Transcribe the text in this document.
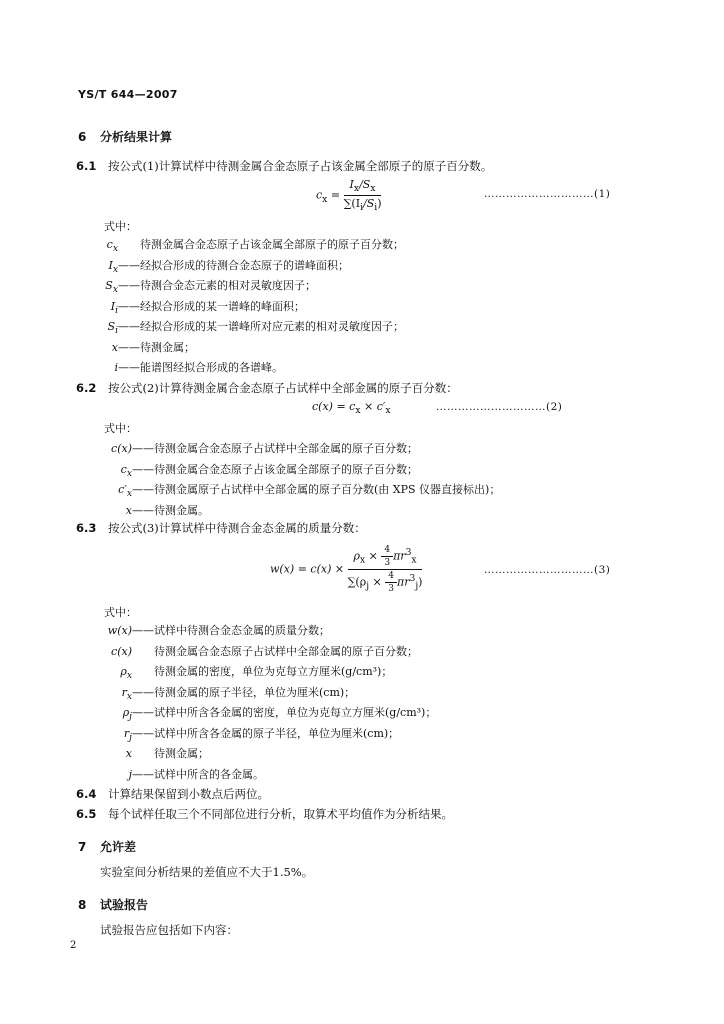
YS/T 644—2007
6 分析结果计算
6.1 按公式(1)计算试样中待测金属合金态原子占该金属全部原子的原子百分数。
$c_x = \frac{I_x/S_x}{\sum(I_i/S_i)}$	…………………………(1)
式中：
$c_x$ 待测金属合金态原子占该金属全部原子的原子百分数；
$I_x——$经拟合形成的待测合金态原子的谱峰面积；
$S_x——$待测合金态元素的相对灵敏度因子；
$I_i——$经拟合形成的某一谱峰的峰面积；
$S_i——$经拟合形成的某一谱峰所对应元素的相对灵敏度因子；
x——待测金属；
i——能谱图经拟合形成的各谱峰。
6.2 按公式(2)计算待测金属合金态原子占试样中全部金属的原子百分数：
$c(x) = c_x \times c'_x$	…………………………(2)
式中：
c(x)——待测金属合金态原子占试样中全部金属的原子百分数；
$c_x——$待测金属合金态原子占该金属全部原子的原子百分数；
$c'_x——$待测金属原子占试样中全部金属的原子百分数(由 XPS 仪器直接标出)；
x——待测金属。
6.3 按公式(3)计算试样中待测合金态金属的质量分数：
$w(x) = c(x) \times \frac{\rho_x \times \frac{4}{3} \pi r^3_x}{\sum(\rho_j \times \frac{4}{3} \pi r^3_j)}$	…………………………(3)
式中：
w(x)——试样中待测合金态金属的质量分数；
c(x) 待测金属合金态原子占试样中全部金属的原子百分数；
$\rho_x$ 待测金属的密度，单位为克每立方厘米(g/cm³)；
$r_x——$待测金属的原子半径，单位为厘米(cm)；
$\rho_j——$试样中所含各金属的密度，单位为克每立方厘米(g/cm³)；
$r_j——$试样中所含各金属的原子半径，单位为厘米(cm)；
x 待测金属；
j——试样中所含的各金属。
6.4 计算结果保留到小数点后两位。
6.5 每个试样任取三个不同部位进行分析，取算术平均值作为分析结果。
7 允许差
实验室间分析结果的差值应不大于1.5%。
8 试验报告
试验报告应包括如下内容：
2
